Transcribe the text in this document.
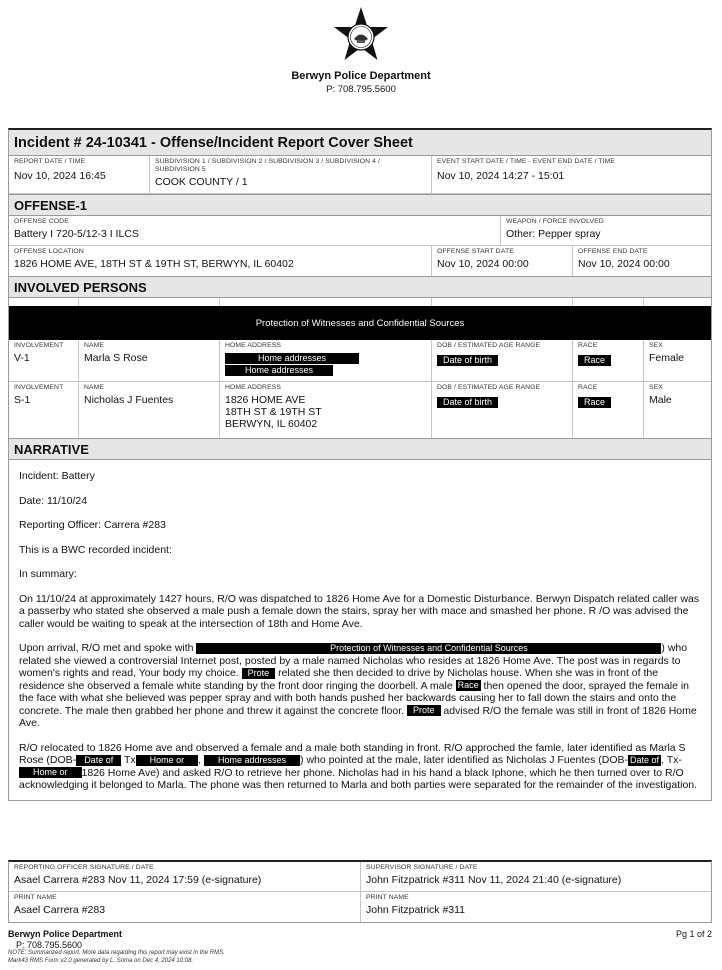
Berwyn Police Department
P: 708.795.5600
Incident # 24-10341 - Offense/Incident Report Cover Sheet
REPORT DATE / TIME
Nov 10, 2024 16:45
SUBDIVISION 1 / SUBDIVISION 2 / SUBDIVISION 3 / SUBDIVISION 4 / SUBDIVISION 5
COOK COUNTY / 1
EVENT START DATE / TIME - EVENT END DATE / TIME
Nov 10, 2024 14:27 - 15:01
OFFENSE-1
OFFENSE CODE
Battery I 720-5/12-3 I ILCS
WEAPON / FORCE INVOLVED
Other: Pepper spray
OFFENSE LOCATION
1826 HOME AVE, 18TH ST & 19TH ST, BERWYN, IL 60402
OFFENSE START DATE
Nov 10, 2024 00:00
OFFENSE END DATE
Nov 10, 2024 00:00
INVOLVED PERSONS
Protection of Witnesses and Confidential Sources
INVOLVEMENT
V-1
NAME
Marla S Rose
HOME ADDRESS
Home addresses
Home addresses
DOB / ESTIMATED AGE RANGE
Date of birth
RACE
Race
SEX
Female
INVOLVEMENT
S-1
NAME
Nicholas J Fuentes
HOME ADDRESS
1826 HOME AVE
18TH ST & 19TH ST
BERWYN, IL 60402
DOB / ESTIMATED AGE RANGE
Date of birth
RACE
Race
SEX
Male
NARRATIVE

Incident: Battery

Date: 11/10/24

Reporting Officer: Carrera #283

This is a BWC recorded incident:

In summary:

On 11/10/24 at approximately 1427 hours, R/O was dispatched to 1826 Home Ave for a Domestic Disturbance. Berwyn Dispatch related caller was a passerby who stated she observed a male push a female down the stairs, spray her with mace and smashed her phone. R /O was advised the caller would be waiting to speak at the intersection of 18th and Home Ave.

Upon arrival, R/O met and spoke with	Protection of Witnesses and Confidential Sources	) who related she viewed a controversial Internet post, posted by a male named Nicholas who resides at 1826 Home Ave. The post was in regards to women's rights and read, Your body my choice. Prote related she then decided to drive by Nicholas house. When she was in front of the residence she observed a female white standing by the front door ringing the doorbell. A male Race then opened the door, sprayed the female in the face with what she believed was pepper spray and with both hands pushed her backwards causing her to fall down the stairs and onto the concrete. The male then grabbed her phone and threw it against the concrete floor. Prote advised R/O the female was still in front of 1826 Home Ave.

R/O relocated to 1826 Home ave and observed a female and a male both standing in front. R/O approched the famle, later identified as Marla S Rose (DOB- Date of Tx Home or , Home addresses ) who pointed at the male, later identified as Nicholas J Fuentes (DOB- Date of , Tx-Home or 1826 Home Ave) and asked R/O to retrieve her phone. Nicholas had in his hand a black Iphone, which he then turned over to R/O acknowledging it belonged to Marla. The phone was then returned to Marla and both parties were separated for the remainder of the investigation.

REPORTING OFFICER SIGNATURE / DATE
Asael Carrera #283 Nov 11, 2024 17:59 (e-signature)
SUPERVISOR SIGNATURE / DATE
John Fitzpatrick #311 Nov 11, 2024 21:40 (e-signature)
PRINT NAME
Asael Carrera #283
PRINT NAME
John Fitzpatrick #311
Berwyn Police Department
P: 708.795.5600
NOTE: Summarized report. More data regarding this report may exist in the RMS.
Mark43 RMS Form v2.0 generated by L. Soma on Dec 4, 2024 10:08.
Pg 1 of 2
